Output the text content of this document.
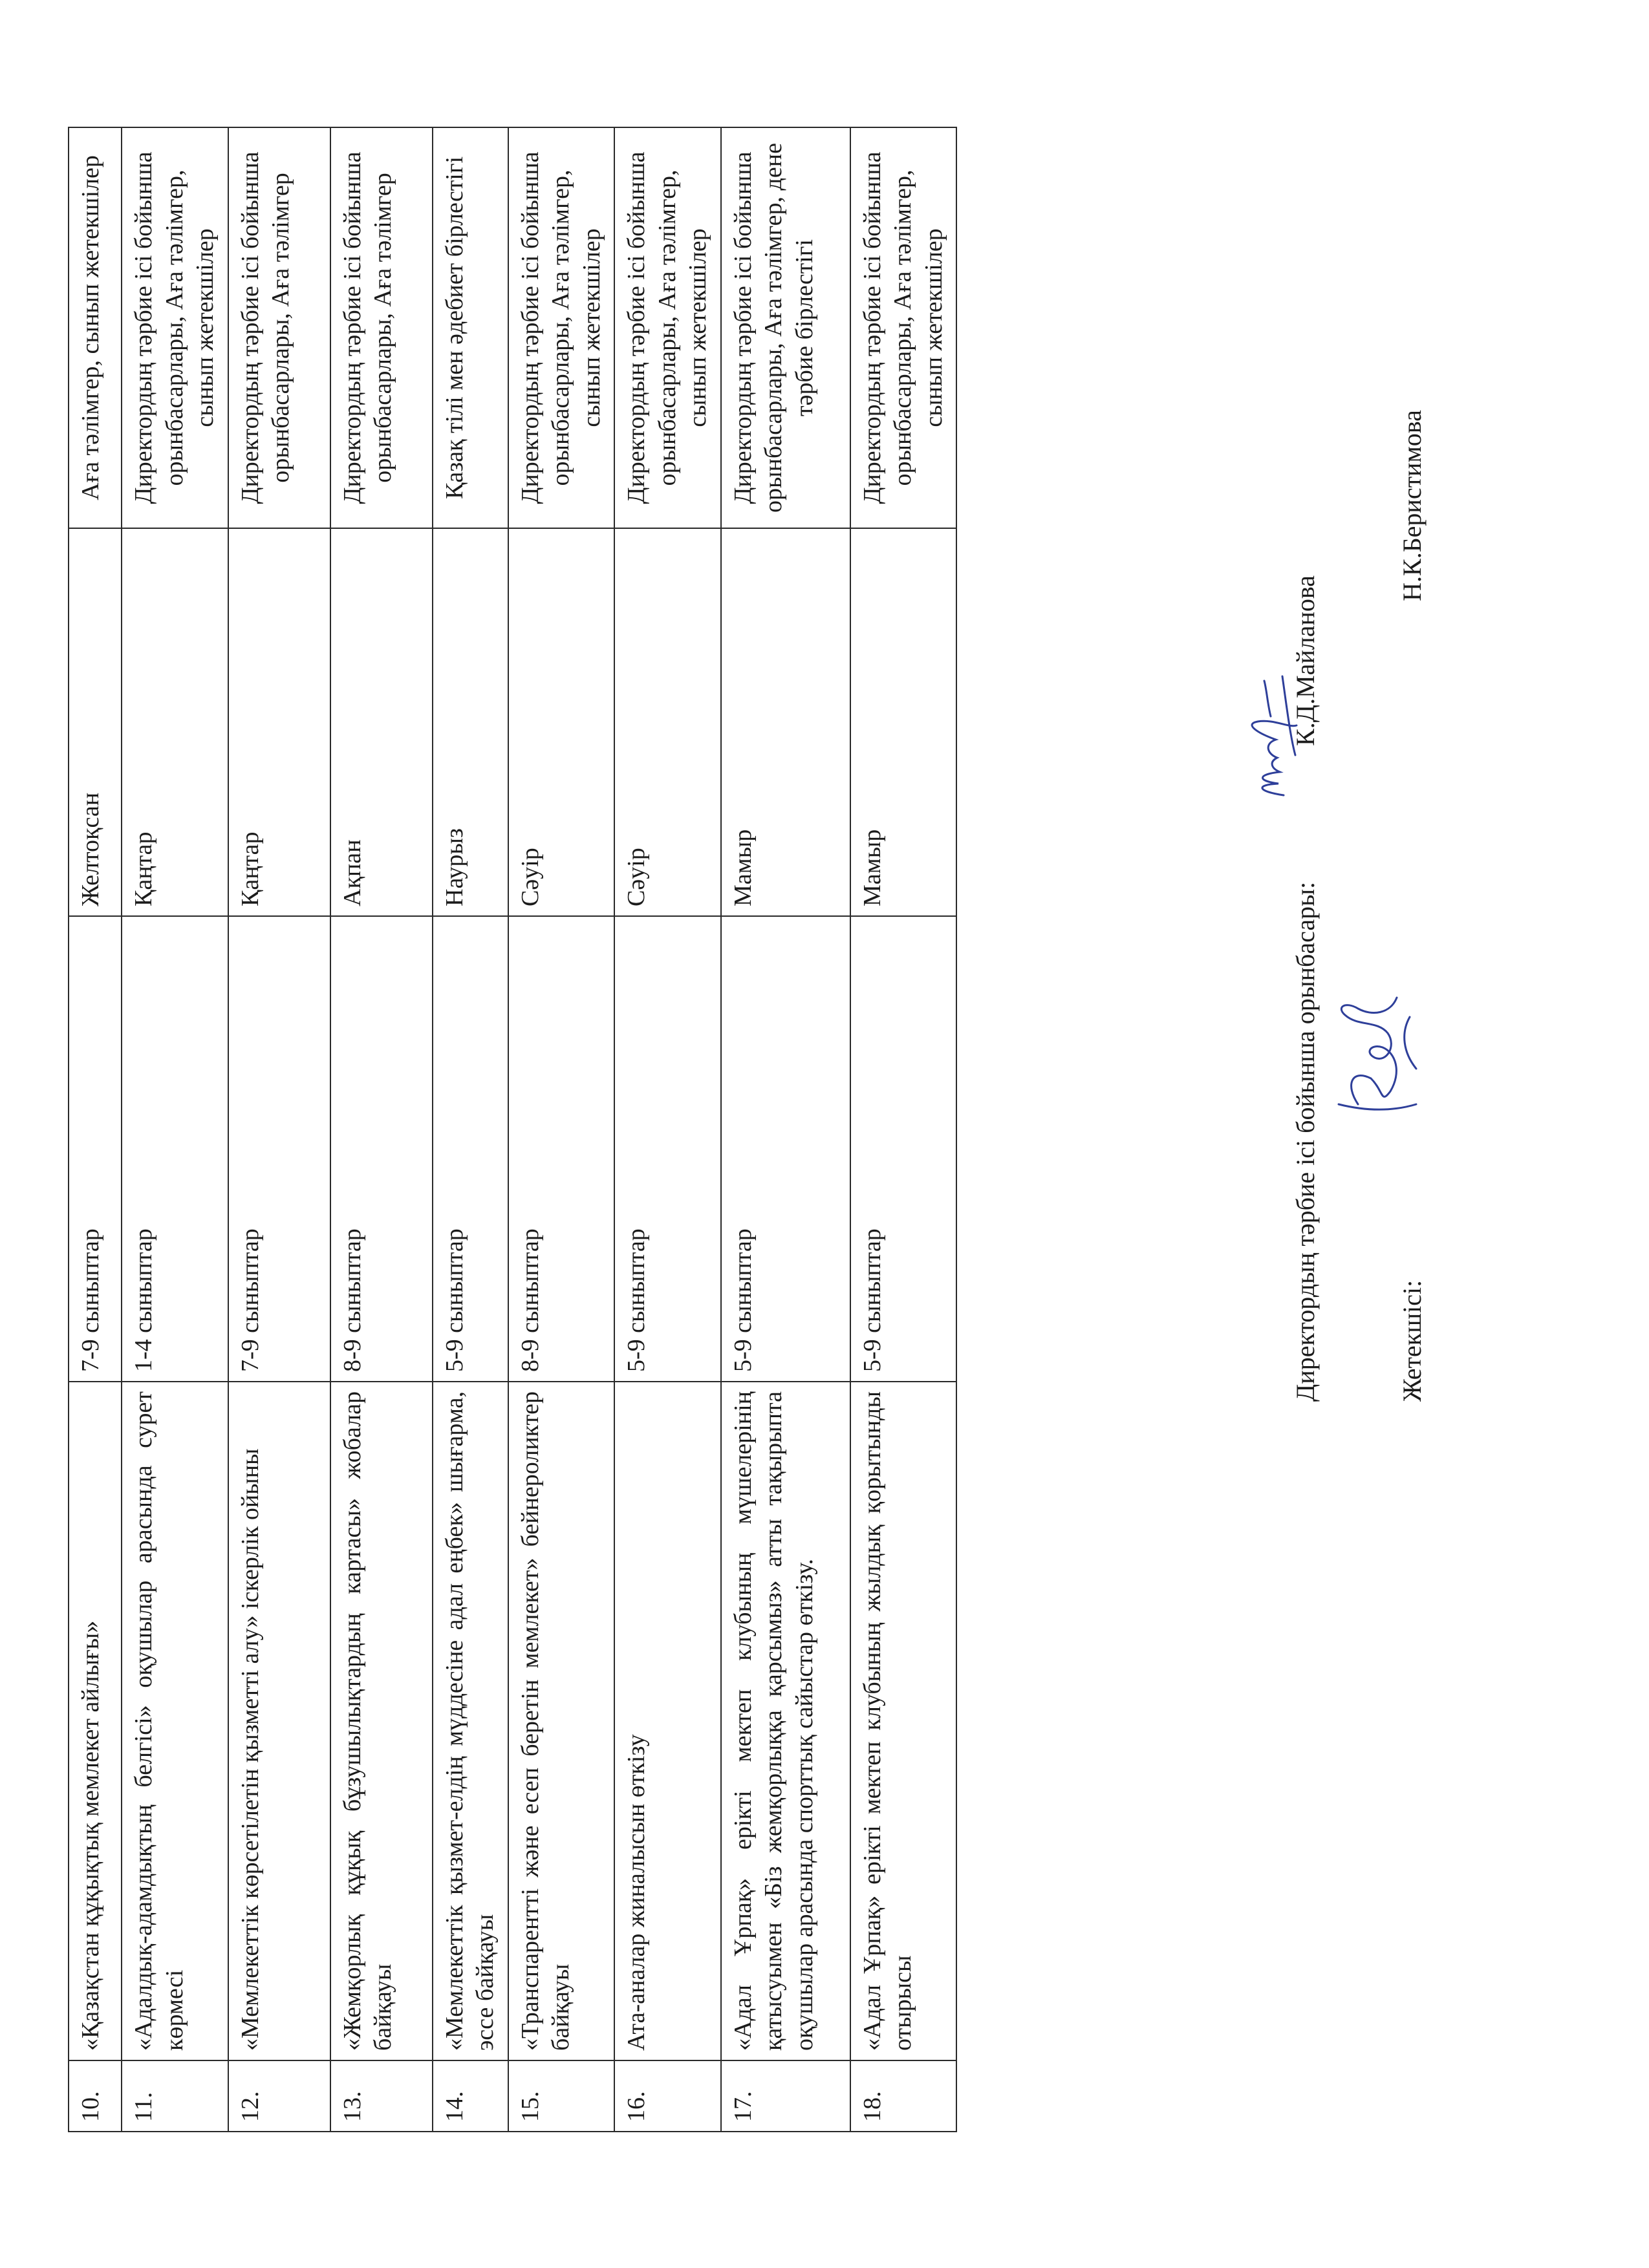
10.	«Қазақстан құқықтық мемлекет айлығы»	7-9 сыныптар	Желтоқсан	Аға тәлімгер, сынып жетекшілер
11.	«Адалдық-адамдықтың белгісі» оқушылар арасында сурет көрмесі	1-4 сыныптар	Қаңтар	Директордың тәрбие ісі бойынша орынбасарлары, Аға тәлімгер, сынып жетекшілер
12.	«Мемлекеттік көрсетілетін қызметті алу» іскерлік ойыны	7-9 сыныптар	Қаңтар	Директордың тәрбие ісі бойынша орынбасарлары, Аға тәлімгер
13.	«Жемқорлық құқық бұзушылықтардың картасы» жобалар байқауы	8-9 сыныптар	Ақпан	Директордың тәрбие ісі бойынша орынбасарлары, Аға тәлімгер
14.	«Мемлекеттік қызмет-елдің мүддесіне адал еңбек» шығарма, эссе байқауы	5-9 сыныптар	Наурыз	Қазақ тілі мен әдебиет бірлестігі
15.	«Транспаренттi және есеп беретін мемлекет» бейнероликтер байқауы	8-9 сыныптар	Сәуір	Директордың тәрбие ісі бойынша орынбасарлары, Аға тәлімгер, сынып жетекшілер
16.	Ата-аналар жиналысын өткізу	5-9 сыныптар	Сәуір	Директордың тәрбие ісі бойынша орынбасарлары, Аға тәлімгер, сынып жетекшілер
17.	«Адал Ұрпақ» ерікті мектеп клубының мүшелерінің қатысуымен «Біз жемқорлыққа қарсымыз» атты тақырыпта оқушылар арасында спорттық сайыстар өткізу.	5-9 сыныптар	Мамыр	Директордың тәрбие ісі бойынша орынбасарлары, Аға тәлімгер, дене тәрбие бірлестігі
18.	«Адал Ұрпақ» ерікті мектеп клубының жылдық қорытынды отырысы	5-9 сыныптар	Мамыр	Директордың тәрбие ісі бойынша орынбасарлары, Аға тәлімгер, сынып жетекшілер
Директордың тәрбие ісі бойынша орынбасары:  К.Д.Майланова
Жетекшісі:  Н.К.Беристимова
